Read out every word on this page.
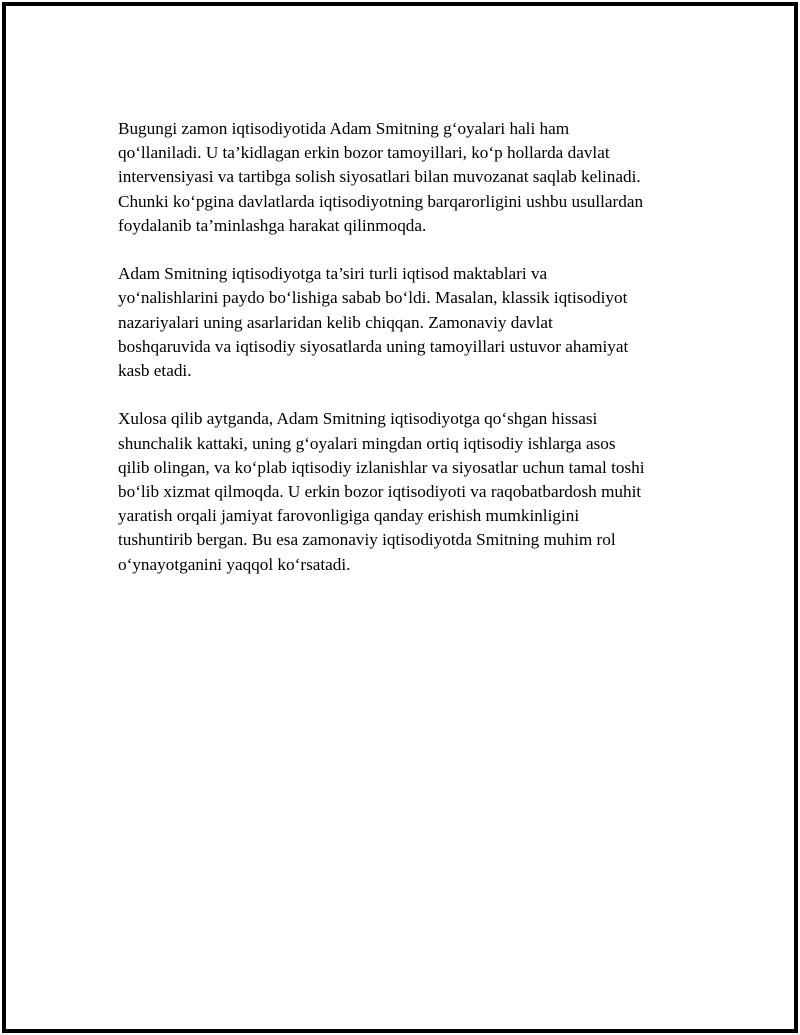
Bugungi zamon iqtisodiyotida Adam Smitning g‘oyalari hali ham
qo‘llaniladi. U ta’kidlagan erkin bozor tamoyillari, ko‘p hollarda davlat
intervensiyasi va tartibga solish siyosatlari bilan muvozanat saqlab kelinadi.
Chunki ko‘pgina davlatlarda iqtisodiyotning barqarorligini ushbu usullardan
foydalanib ta’minlashga harakat qilinmoqda.

Adam Smitning iqtisodiyotga ta’siri turli iqtisod maktablari va
yo‘nalishlarini paydo bo‘lishiga sabab bo‘ldi. Masalan, klassik iqtisodiyot
nazariyalari uning asarlaridan kelib chiqqan. Zamonaviy davlat
boshqaruvida va iqtisodiy siyosatlarda uning tamoyillari ustuvor ahamiyat
kasb etadi.

Xulosa qilib aytganda, Adam Smitning iqtisodiyotga qo‘shgan hissasi
shunchalik kattaki, uning g‘oyalari mingdan ortiq iqtisodiy ishlarga asos
qilib olingan, va ko‘plab iqtisodiy izlanishlar va siyosatlar uchun tamal toshi
bo‘lib xizmat qilmoqda. U erkin bozor iqtisodiyoti va raqobatbardosh muhit
yaratish orqali jamiyat farovonligiga qanday erishish mumkinligini
tushuntirib bergan. Bu esa zamonaviy iqtisodiyotda Smitning muhim rol
o‘ynayotganini yaqqol ko‘rsatadi.
